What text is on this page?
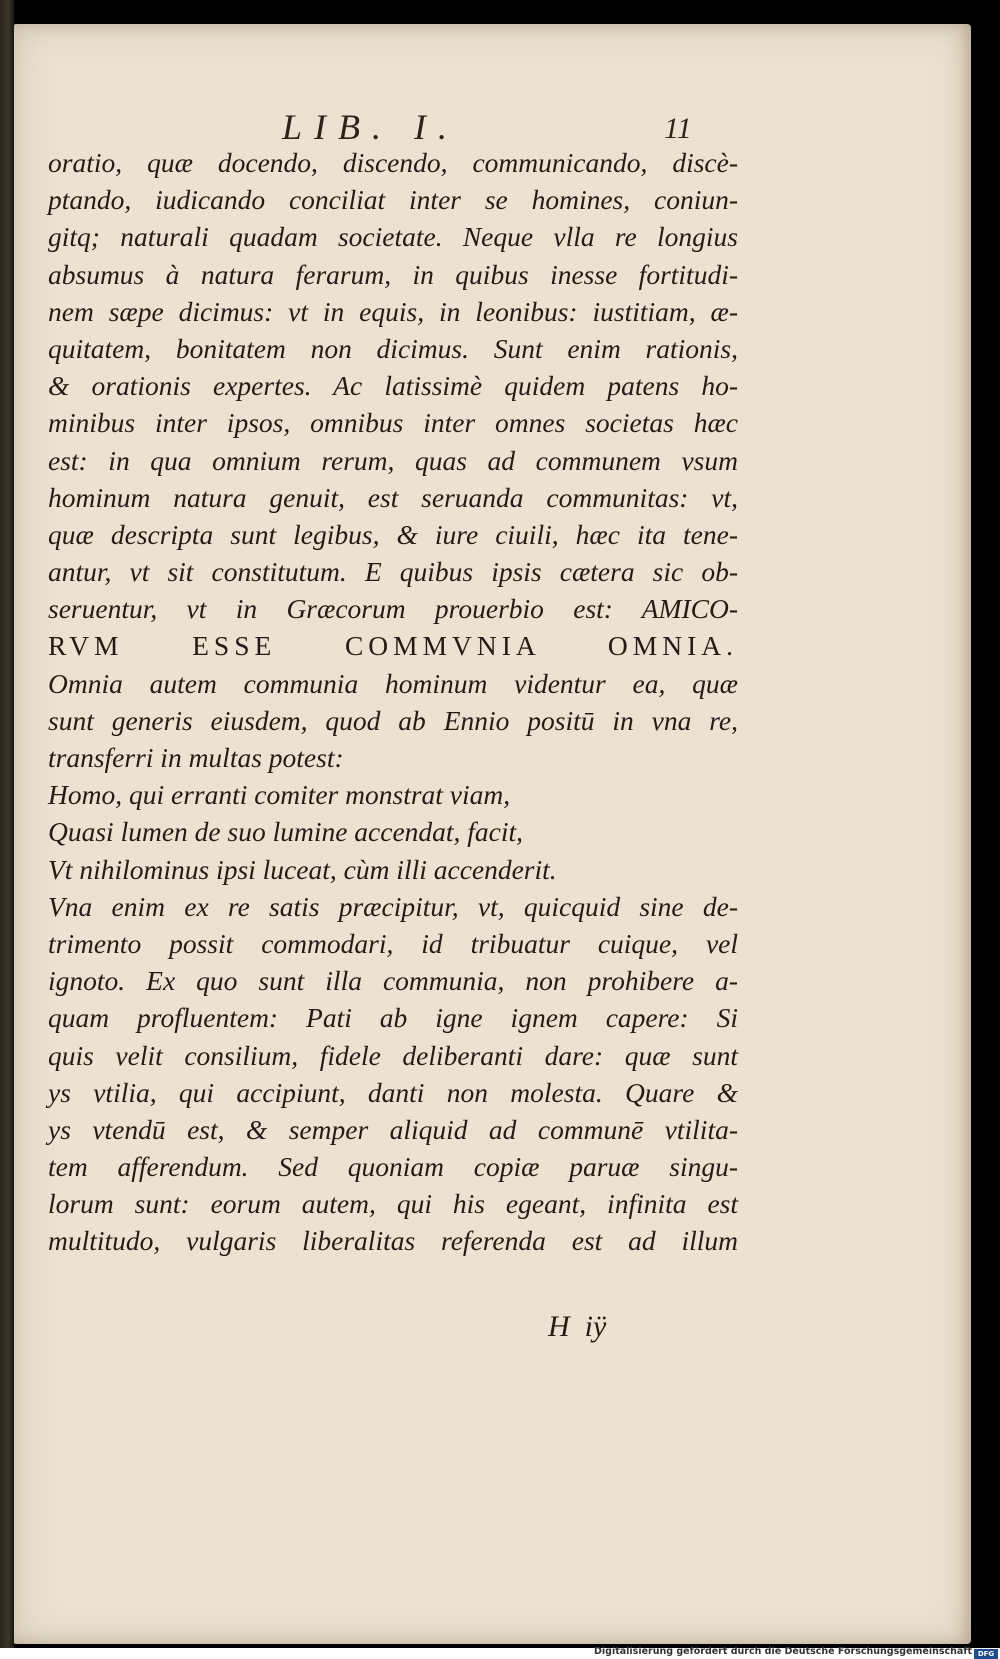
LIB. I.	11
oratio, quæ docendo, discendo, communicando, discè-
ptando, iudicando conciliat inter se homines, coniun-
gitq; naturali quadam societate. Neque vlla re longius
absumus à natura ferarum, in quibus inesse fortitudi-
nem sæpe dicimus: vt in equis, in leonibus: iustitiam, æ-
quitatem, bonitatem non dicimus. Sunt enim rationis,
& orationis expertes. Ac latissimè quidem patens ho-
minibus inter ipsos, omnibus inter omnes societas hæc
est: in qua omnium rerum, quas ad communem vsum
hominum natura genuit, est seruanda communitas: vt,
quæ descripta sunt legibus, & iure ciuili, hæc ita tene-
antur, vt sit constitutum. E quibus ipsis cætera sic ob-
seruentur, vt in Græcorum prouerbio est: AMICO-
RVM ESSE COMMVNIA OMNIA.
Omnia autem communia hominum videntur ea, quæ
sunt generis eiusdem, quod ab Ennio positū in vna re,
transferri in multas potest:
Homo, qui erranti comiter monstrat viam,
Quasi lumen de suo lumine accendat, facit,
Vt nihilominus ipsi luceat, cùm illi accenderit.
Vna enim ex re satis præcipitur, vt, quicquid sine de-
trimento possit commodari, id tribuatur cuique, vel
ignoto. Ex quo sunt illa communia, non prohibere a-
quam profluentem: Pati ab igne ignem capere: Si
quis velit consilium, fidele deliberanti dare: quæ sunt
ys vtilia, qui accipiunt, danti non molesta. Quare &
ys vtendū est, & semper aliquid ad communē vtilita-
tem afferendum. Sed quoniam copiæ paruæ singu-
lorum sunt: eorum autem, qui his egeant, infinita est
multitudo, vulgaris liberalitas referenda est ad illum
H  iÿ
Digitalisierung gefördert durch die Deutsche Forschungsgemeinschaft DFG
